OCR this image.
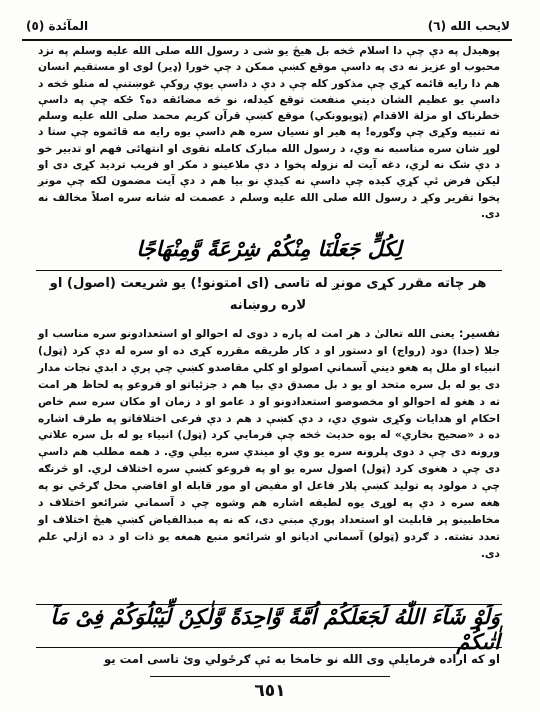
المآئدة (٥)	لايحب الله (٦)

پوهيدل په دې چې دا اسلام څخه بل هيڅ يو شى د رسول الله صلى الله عليه وسلم په نزد محبوب او عزيز نه دى په داسې موقع کښې ممکن د چې خورا (ډير) لوى او مستقيم انسان هم دا رايه قائمه کړي چې مذکور کله چې د دې د داسې يوې ږوکې غوښتنې له منلو څخه د داسې يو عظيم الشان ديني منفعت توقع کيدله، نو څه مضائقه ده؟ ځکه چې په داسې خطرناک او مزلة الاقدام (ټوپوونکي) موقع کښې قرآن کريم محمد صلى الله عليه وسلم ته تنبيه وکړى چې وګوره! په هير او نسيان سره هم داسې يوه رايه مه قائموه چې ستا د لوړ شان سره مناسبه نه وي، د رسول الله مبارک کامله تقوى او انتهائى فهم او تدبير خو د دې شک نه لري، دغه آيت له نزوله پخوا د دې ملاعينو د مکر او فريب ترديد کړى دى او ليکن فرض ئې کړي کيده چې داسې نه کيدې نو بيا هم د دې آيت مضمون لکه چې مونږ پخوا تقرير وکړ د رسول الله صلى الله عليه وسلم د عصمت له شانه سره اصلاً مخالف نه دى.

لِكُلٍّ جَعَلْنَا مِنْكُمْ شِرْعَةً وَّمِنْهَاجًا

هر چاته مقرر کړى مونږ له تاسى (اى امتونو!) يو شريعت (اصول) او لاره روښانه

تفسير: يعنى الله تعالىٰ د هر امت له پاره د دوى له احوالو او استعدادونو سره مناسب او جلا (جدا) دود (رواج) او دستور او د کار طريقه مقرره کړى ده او سره له دې کرد (ټول) انبياء او ملل په هغو ديني آسماني اصولو او کلي مقاصدو کښې چې پرې د ابدي نجات مدار دى يو له بل سره متحد او يو د بل مصدق دي بيا هم د جزئياتو او فروعو په لحاظ هر امت ته د هغو له احوالو او مخصوصو استعدادونو او د عامو او د زمان او مکان سره سم خاص احکام او هدايات وکړى شوي دي، د دې کښې د هم د دې فرعى اختلافاتو په طرف اشاره ده د «صحيح بخاري» له يوه حديث څخه چې فرمايي کرد (ټول) انبياء يو له بل سره علاتي ورونه دى چې د دوى پلرونه سره يو وي او ميندې سره بيلې وي. د همه مطلب هم داسې دى چې د هغوى کرد (ټول) اصول سره يو او په فروعو کښې سره اختلاف لري. او څرنګه چې د مولود په توليد کښې پلار فاعل او مفيض او مور قابله او افاضې محل ګرځي نو په هغه سره د دې په لوړى يوه لطيفه اشاره هم وشوه چې د آسماني شرائعو اختلاف د مخاطبينو پر قابليت او استعداد پورې مبني دى، که نه په مبدالفياض کښې هيڅ اختلاف او تعدد نشته. د ګردو (ټولو) آسماني اديانو او شرائعو منبع همغه يو ذات او د ده ازلي علم دى.

وَلَوْ شَآءَ اللّٰهُ لَجَعَلَكُمْ اُمَّةً وَّاحِدَةً وَّلٰكِنْ لِّيَبْلُوَكُمْ فِىْ مَآ اٰتٰىكُمْ

او که اراده فرمايلې وى الله نو خامخا به ئې ګرځولي وئ تاسى امت يو

٦٥١
